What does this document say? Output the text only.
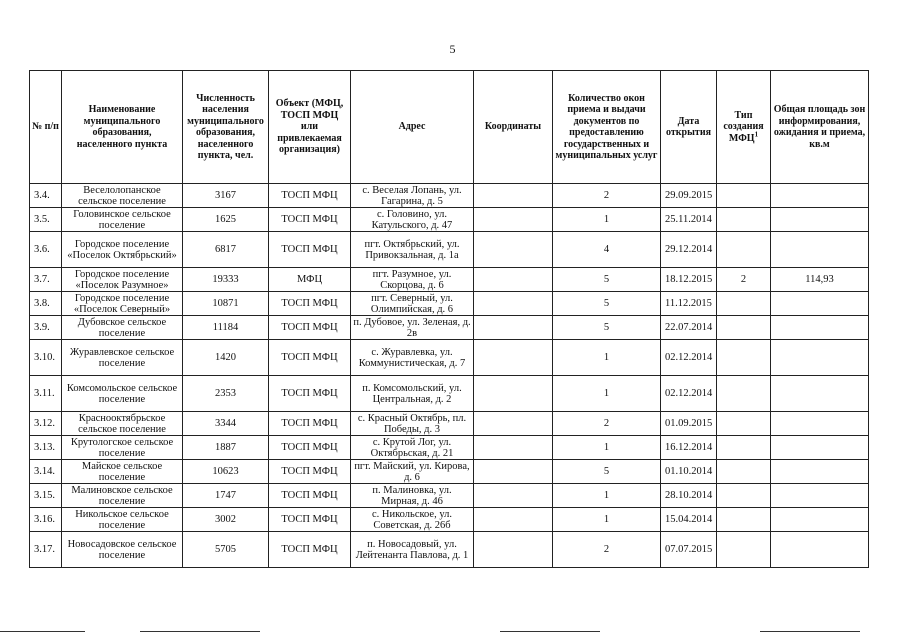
5
№ п/п	Наименование муниципального образования, населенного пункта	Численность населения муниципального образования, населенного пункта, чел.	Объект (МФЦ, ТОСП МФЦ или привлекаемая организация)	Адрес	Координаты	Количество окон приема и выдачи документов по предоставлению государственных и муниципальных услуг	Дата открытия	Тип создания МФЦ$^1$	Общая площадь зон информирования, ожидания и приема, кв.м
3.4.	Веселолопанское сельское поселение	3167	ТОСП МФЦ	с. Веселая Лопань, ул. Гагарина, д. 5		2	29.09.2015		
3.5.	Головинское сельское поселение	1625	ТОСП МФЦ	с. Головино, ул. Катульского, д. 47		1	25.11.2014		
3.6.	Городское поселение «Поселок Октябрьский»	6817	ТОСП МФЦ	пгт. Октябрьский, ул. Привокзальная, д. 1а		4	29.12.2014		
3.7.	Городское поселение «Поселок Разумное»	19333	МФЦ	пгт. Разумное, ул. Скорцова, д. 6		5	18.12.2015	2	114,93
3.8.	Городское поселение «Поселок Северный»	10871	ТОСП МФЦ	пгт. Северный, ул. Олимпийская, д. 6		5	11.12.2015		
3.9.	Дубовское сельское поселение	11184	ТОСП МФЦ	п. Дубовое, ул. Зеленая, д. 2в		5	22.07.2014		
3.10.	Журавлевское сельское поселение	1420	ТОСП МФЦ	с. Журавлевка, ул. Коммунистическая, д. 7		1	02.12.2014		
3.11.	Комсомольское сельское поселение	2353	ТОСП МФЦ	п. Комсомольский, ул. Центральная, д. 2		1	02.12.2014		
3.12.	Краснооктябрьское сельское поселение	3344	ТОСП МФЦ	с. Красный Октябрь, пл. Победы, д. 3		2	01.09.2015		
3.13.	Крутологское сельское поселение	1887	ТОСП МФЦ	с. Крутой Лог, ул. Октябрьская, д. 21		1	16.12.2014		
3.14.	Майское сельское поселение	10623	ТОСП МФЦ	пгт. Майский, ул. Кирова, д. 6		5	01.10.2014		
3.15.	Малиновское сельское поселение	1747	ТОСП МФЦ	п. Малиновка, ул. Мирная, д. 46		1	28.10.2014		
3.16.	Никольское сельское поселение	3002	ТОСП МФЦ	с. Никольское, ул. Советская, д. 26б		1	15.04.2014		
3.17.	Новосадовское сельское поселение	5705	ТОСП МФЦ	п. Новосадовый, ул. Лейтенанта Павлова, д. 1		2	07.07.2015		
